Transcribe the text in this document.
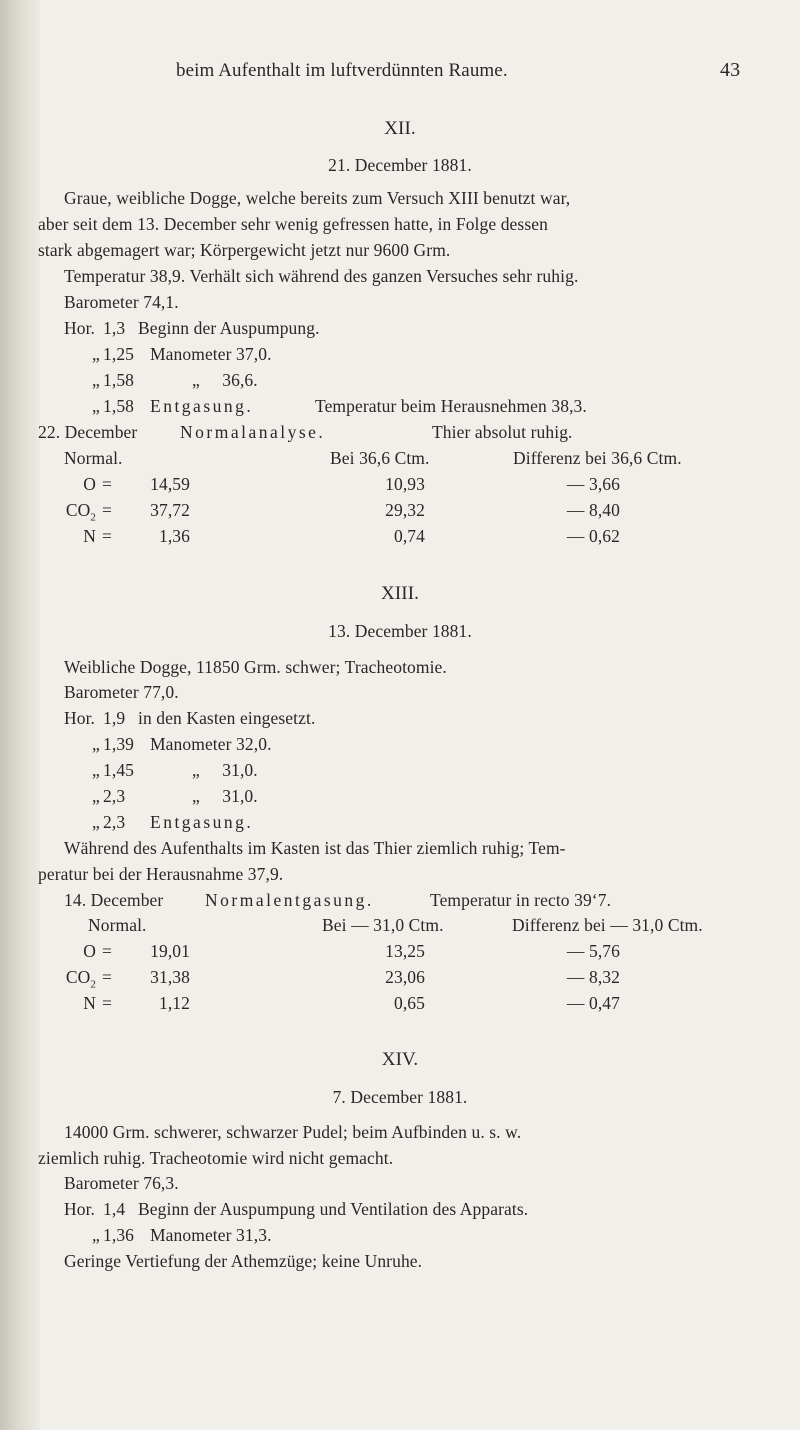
beim Aufenthalt im luftverdünnten Raume.	43
XII.
21. December 1881.
Graue, weibliche Dogge, welche bereits zum Versuch XIII benutzt war,
aber seit dem 13. December sehr wenig gefressen hatte, in Folge dessen
stark abgemagert war; Körpergewicht jetzt nur 9600 Grm.
Temperatur 38,9. Verhält sich während des ganzen Versuches sehr ruhig.
Barometer 74,1.
Hor. 1,3 Beginn der Auspumpung.
„ 1,25 Manometer 37,0.
„ 1,58	„     36,6.
„ 1,58 Entgasung.	Temperatur beim Herausnehmen 38,3.
22. December Normalanalyse.	Thier absolut ruhig.
Normal.	Bei 36,6 Ctm.	Differenz bei 36,6 Ctm.
O =	14,59	10,93	— 3,66
$CO_2$ =	37,72	29,32	— 8,40
N =	1,36	0,74	— 0,62
XIII.
13. December 1881.
Weibliche Dogge, 11850 Grm. schwer; Tracheotomie.
Barometer 77,0.
Hor. 1,9 in den Kasten eingesetzt.
„ 1,39 Manometer 32,0.
„ 1,45	„     31,0.
„ 2,3	„     31,0.
„ 2,3 Entgasung.
Während des Aufenthalts im Kasten ist das Thier ziemlich ruhig; Tem-
peratur bei der Herausnahme 37,9.
14. December Normalentgasung.	Temperatur in recto 39‘7.
Normal.	Bei — 31,0 Ctm.	Differenz bei — 31,0 Ctm.
O =	19,01	13,25	— 5,76
$CO_2$ =	31,38	23,06	— 8,32
N =	1,12	0,65	— 0,47
XIV.
7. December 1881.
14000 Grm. schwerer, schwarzer Pudel; beim Aufbinden u. s. w.
ziemlich ruhig. Tracheotomie wird nicht gemacht.
Barometer 76,3.
Hor. 1,4 Beginn der Auspumpung und Ventilation des Apparats.
„ 1,36 Manometer 31,3.
Geringe Vertiefung der Athemzüge; keine Unruhe.
